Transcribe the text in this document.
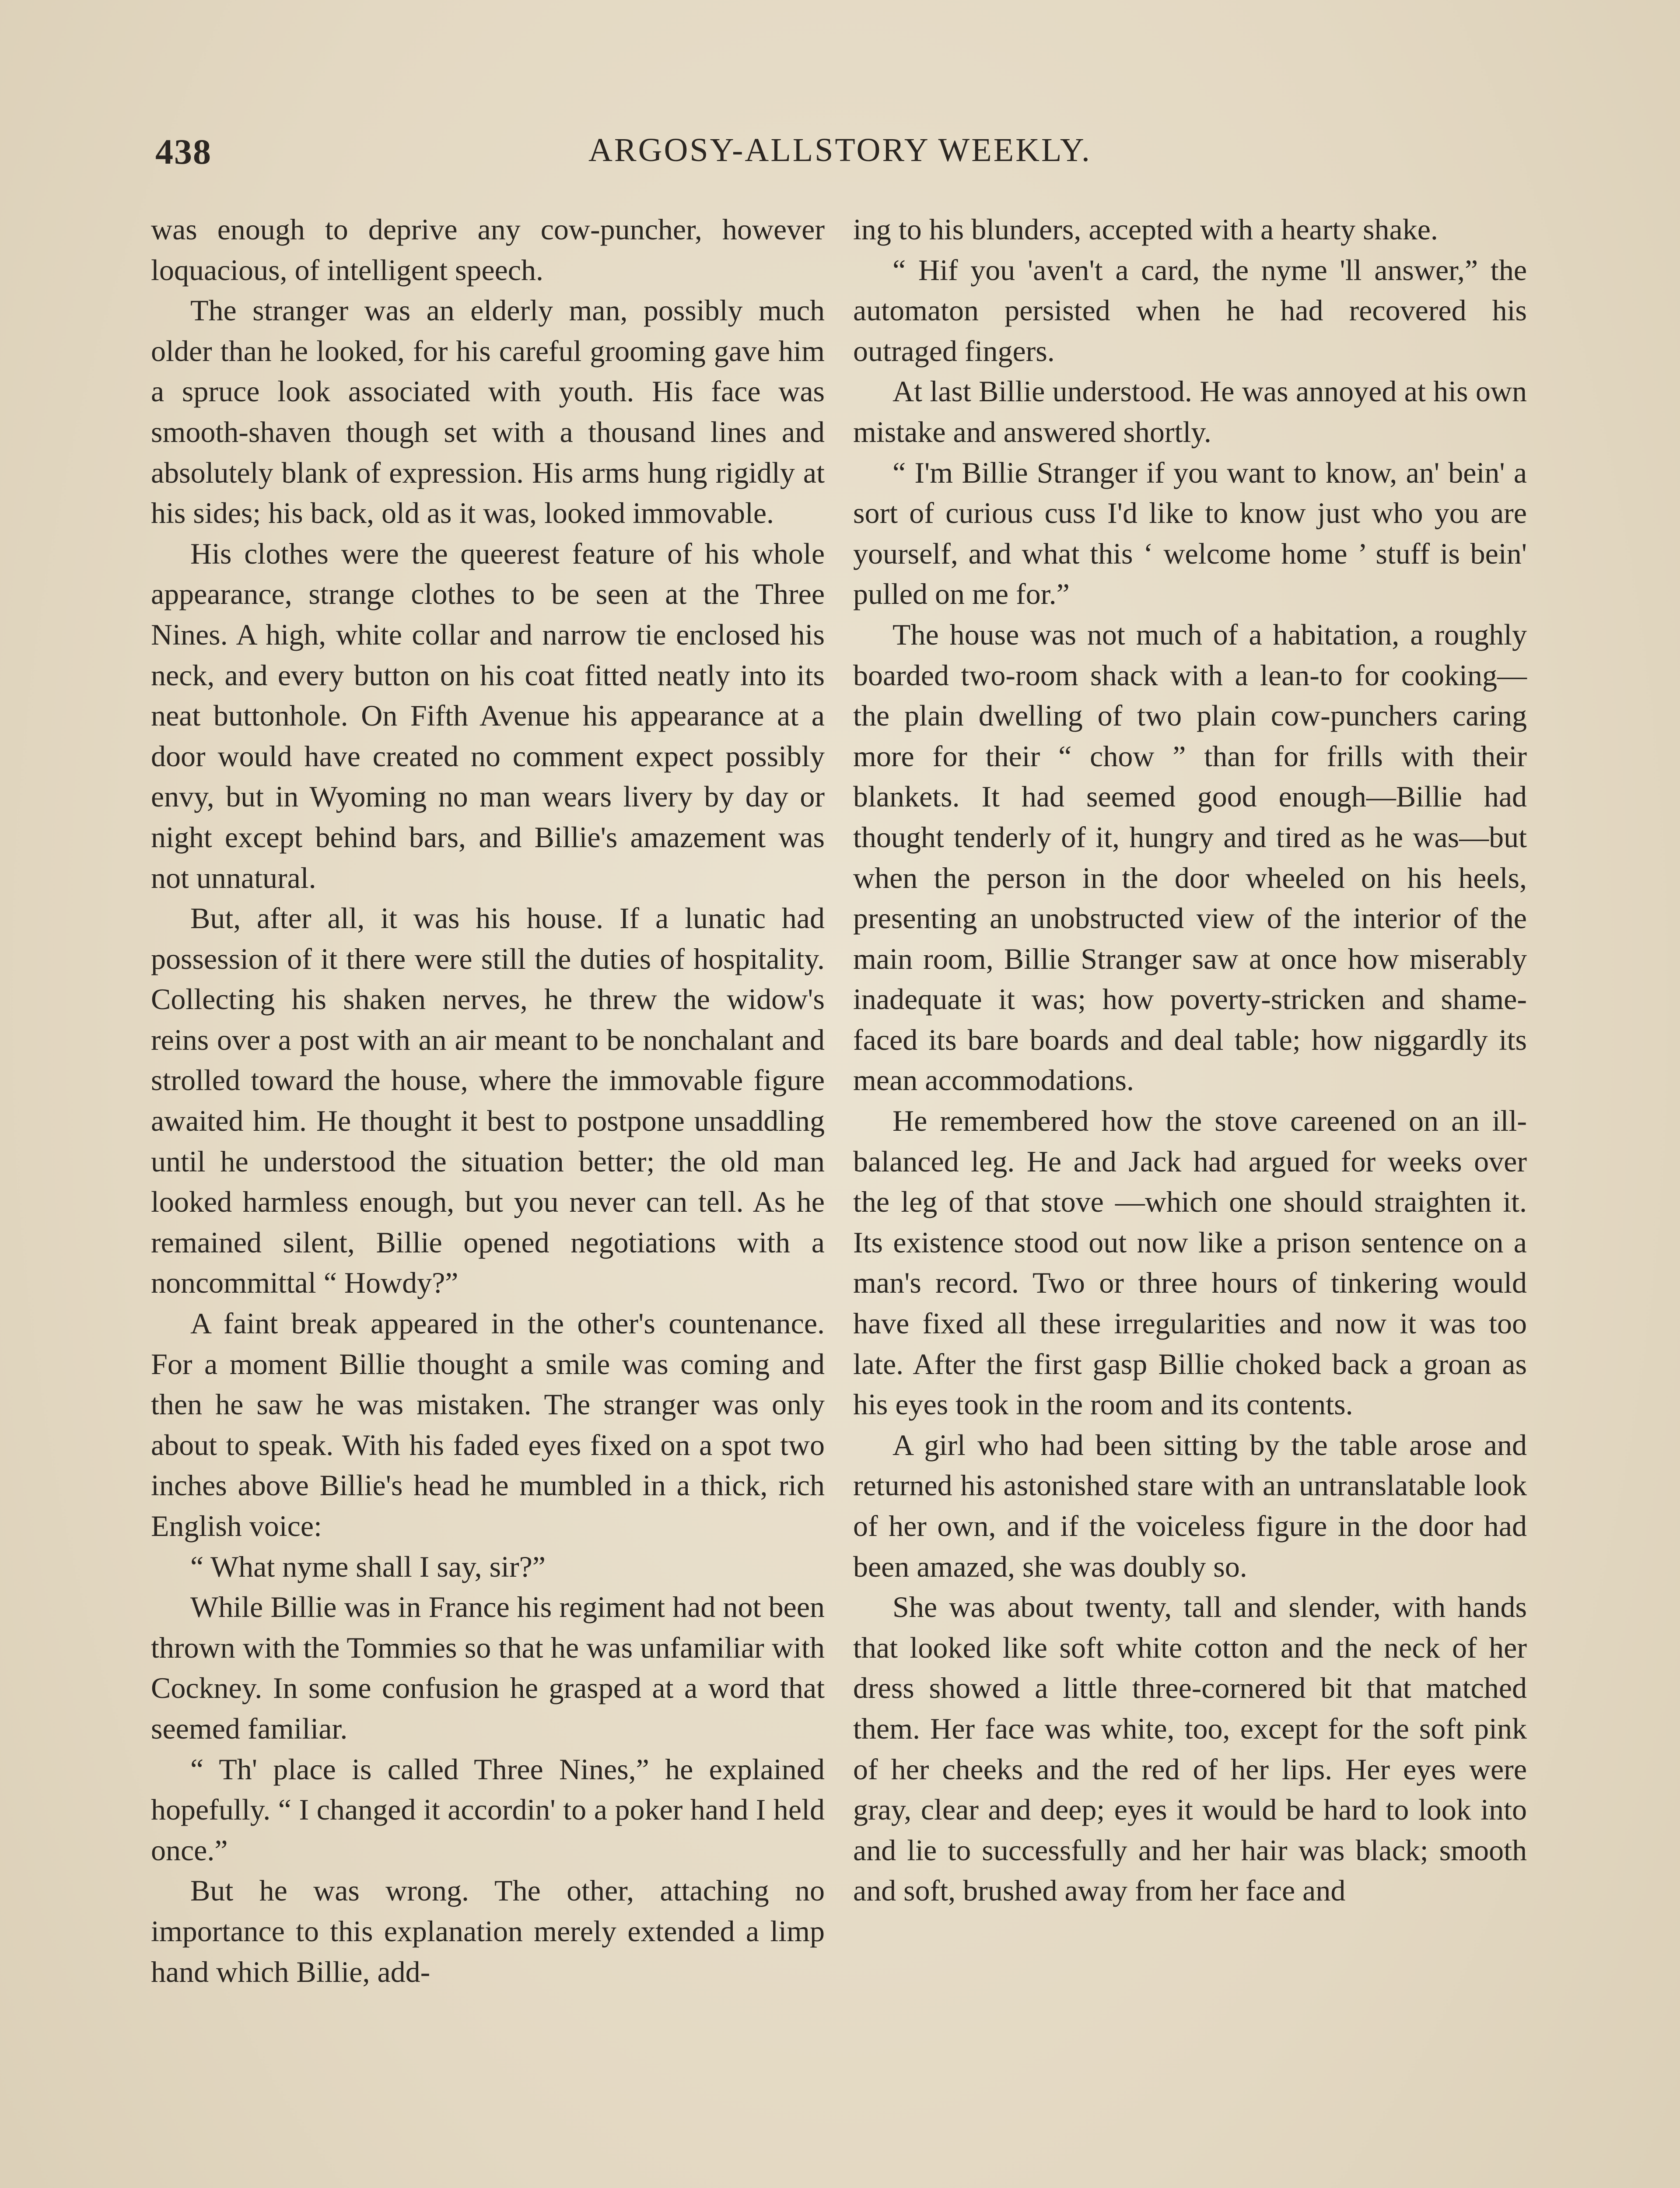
438	ARGOSY-ALLSTORY WEEKLY.

was enough to deprive any cow-puncher, however loquacious, of intelligent speech.

The stranger was an elderly man, possibly much older than he looked, for his careful grooming gave him a spruce look associated with youth. His face was smooth-shaven though set with a thousand lines and absolutely blank of expression. His arms hung rigidly at his sides; his back, old as it was, looked immovable.

His clothes were the queerest feature of his whole appearance, strange clothes to be seen at the Three Nines. A high, white collar and narrow tie enclosed his neck, and every button on his coat fitted neatly into its neat buttonhole. On Fifth Avenue his appearance at a door would have created no comment expect possibly envy, but in Wyoming no man wears livery by day or night except behind bars, and Billie's amazement was not unnatural.

But, after all, it was his house. If a lunatic had possession of it there were still the duties of hospitality. Collecting his shaken nerves, he threw the widow's reins over a post with an air meant to be nonchalant and strolled toward the house, where the immovable figure awaited him. He thought it best to postpone unsaddling until he understood the situation better; the old man looked harmless enough, but you never can tell. As he remained silent, Billie opened negotiations with a noncommittal “ Howdy?”

A faint break appeared in the other's countenance. For a moment Billie thought a smile was coming and then he saw he was mistaken. The stranger was only about to speak. With his faded eyes fixed on a spot two inches above Billie's head he mumbled in a thick, rich English voice:

“ What nyme shall I say, sir?”

While Billie was in France his regiment had not been thrown with the Tommies so that he was unfamiliar with Cockney. In some confusion he grasped at a word that seemed familiar.

“ Th' place is called Three Nines,” he explained hopefully. “ I changed it accordin' to a poker hand I held once.”

But he was wrong. The other, attaching no importance to this explanation merely extended a limp hand which Billie, add-

ing to his blunders, accepted with a hearty shake.

“ Hif you 'aven't a card, the nyme 'll answer,” the automaton persisted when he had recovered his outraged fingers.

At last Billie understood. He was annoyed at his own mistake and answered shortly.

“ I'm Billie Stranger if you want to know, an' bein' a sort of curious cuss I'd like to know just who you are yourself, and what this ‘ welcome home ’ stuff is bein' pulled on me for.”

The house was not much of a habitation, a roughly boarded two-room shack with a lean-to for cooking—the plain dwelling of two plain cow-punchers caring more for their “ chow ” than for frills with their blankets. It had seemed good enough—Billie had thought tenderly of it, hungry and tired as he was—but when the person in the door wheeled on his heels, presenting an unobstructed view of the interior of the main room, Billie Stranger saw at once how miserably inadequate it was; how poverty-stricken and shame-faced its bare boards and deal table; how niggardly its mean accommodations.

He remembered how the stove careened on an ill-balanced leg. He and Jack had argued for weeks over the leg of that stove —which one should straighten it. Its existence stood out now like a prison sentence on a man's record. Two or three hours of tinkering would have fixed all these irregularities and now it was too late. After the first gasp Billie choked back a groan as his eyes took in the room and its contents.

A girl who had been sitting by the table arose and returned his astonished stare with an untranslatable look of her own, and if the voiceless figure in the door had been amazed, she was doubly so.

She was about twenty, tall and slender, with hands that looked like soft white cotton and the neck of her dress showed a little three-cornered bit that matched them. Her face was white, too, except for the soft pink of her cheeks and the red of her lips. Her eyes were gray, clear and deep; eyes it would be hard to look into and lie to successfully and her hair was black; smooth and soft, brushed away from her face and
